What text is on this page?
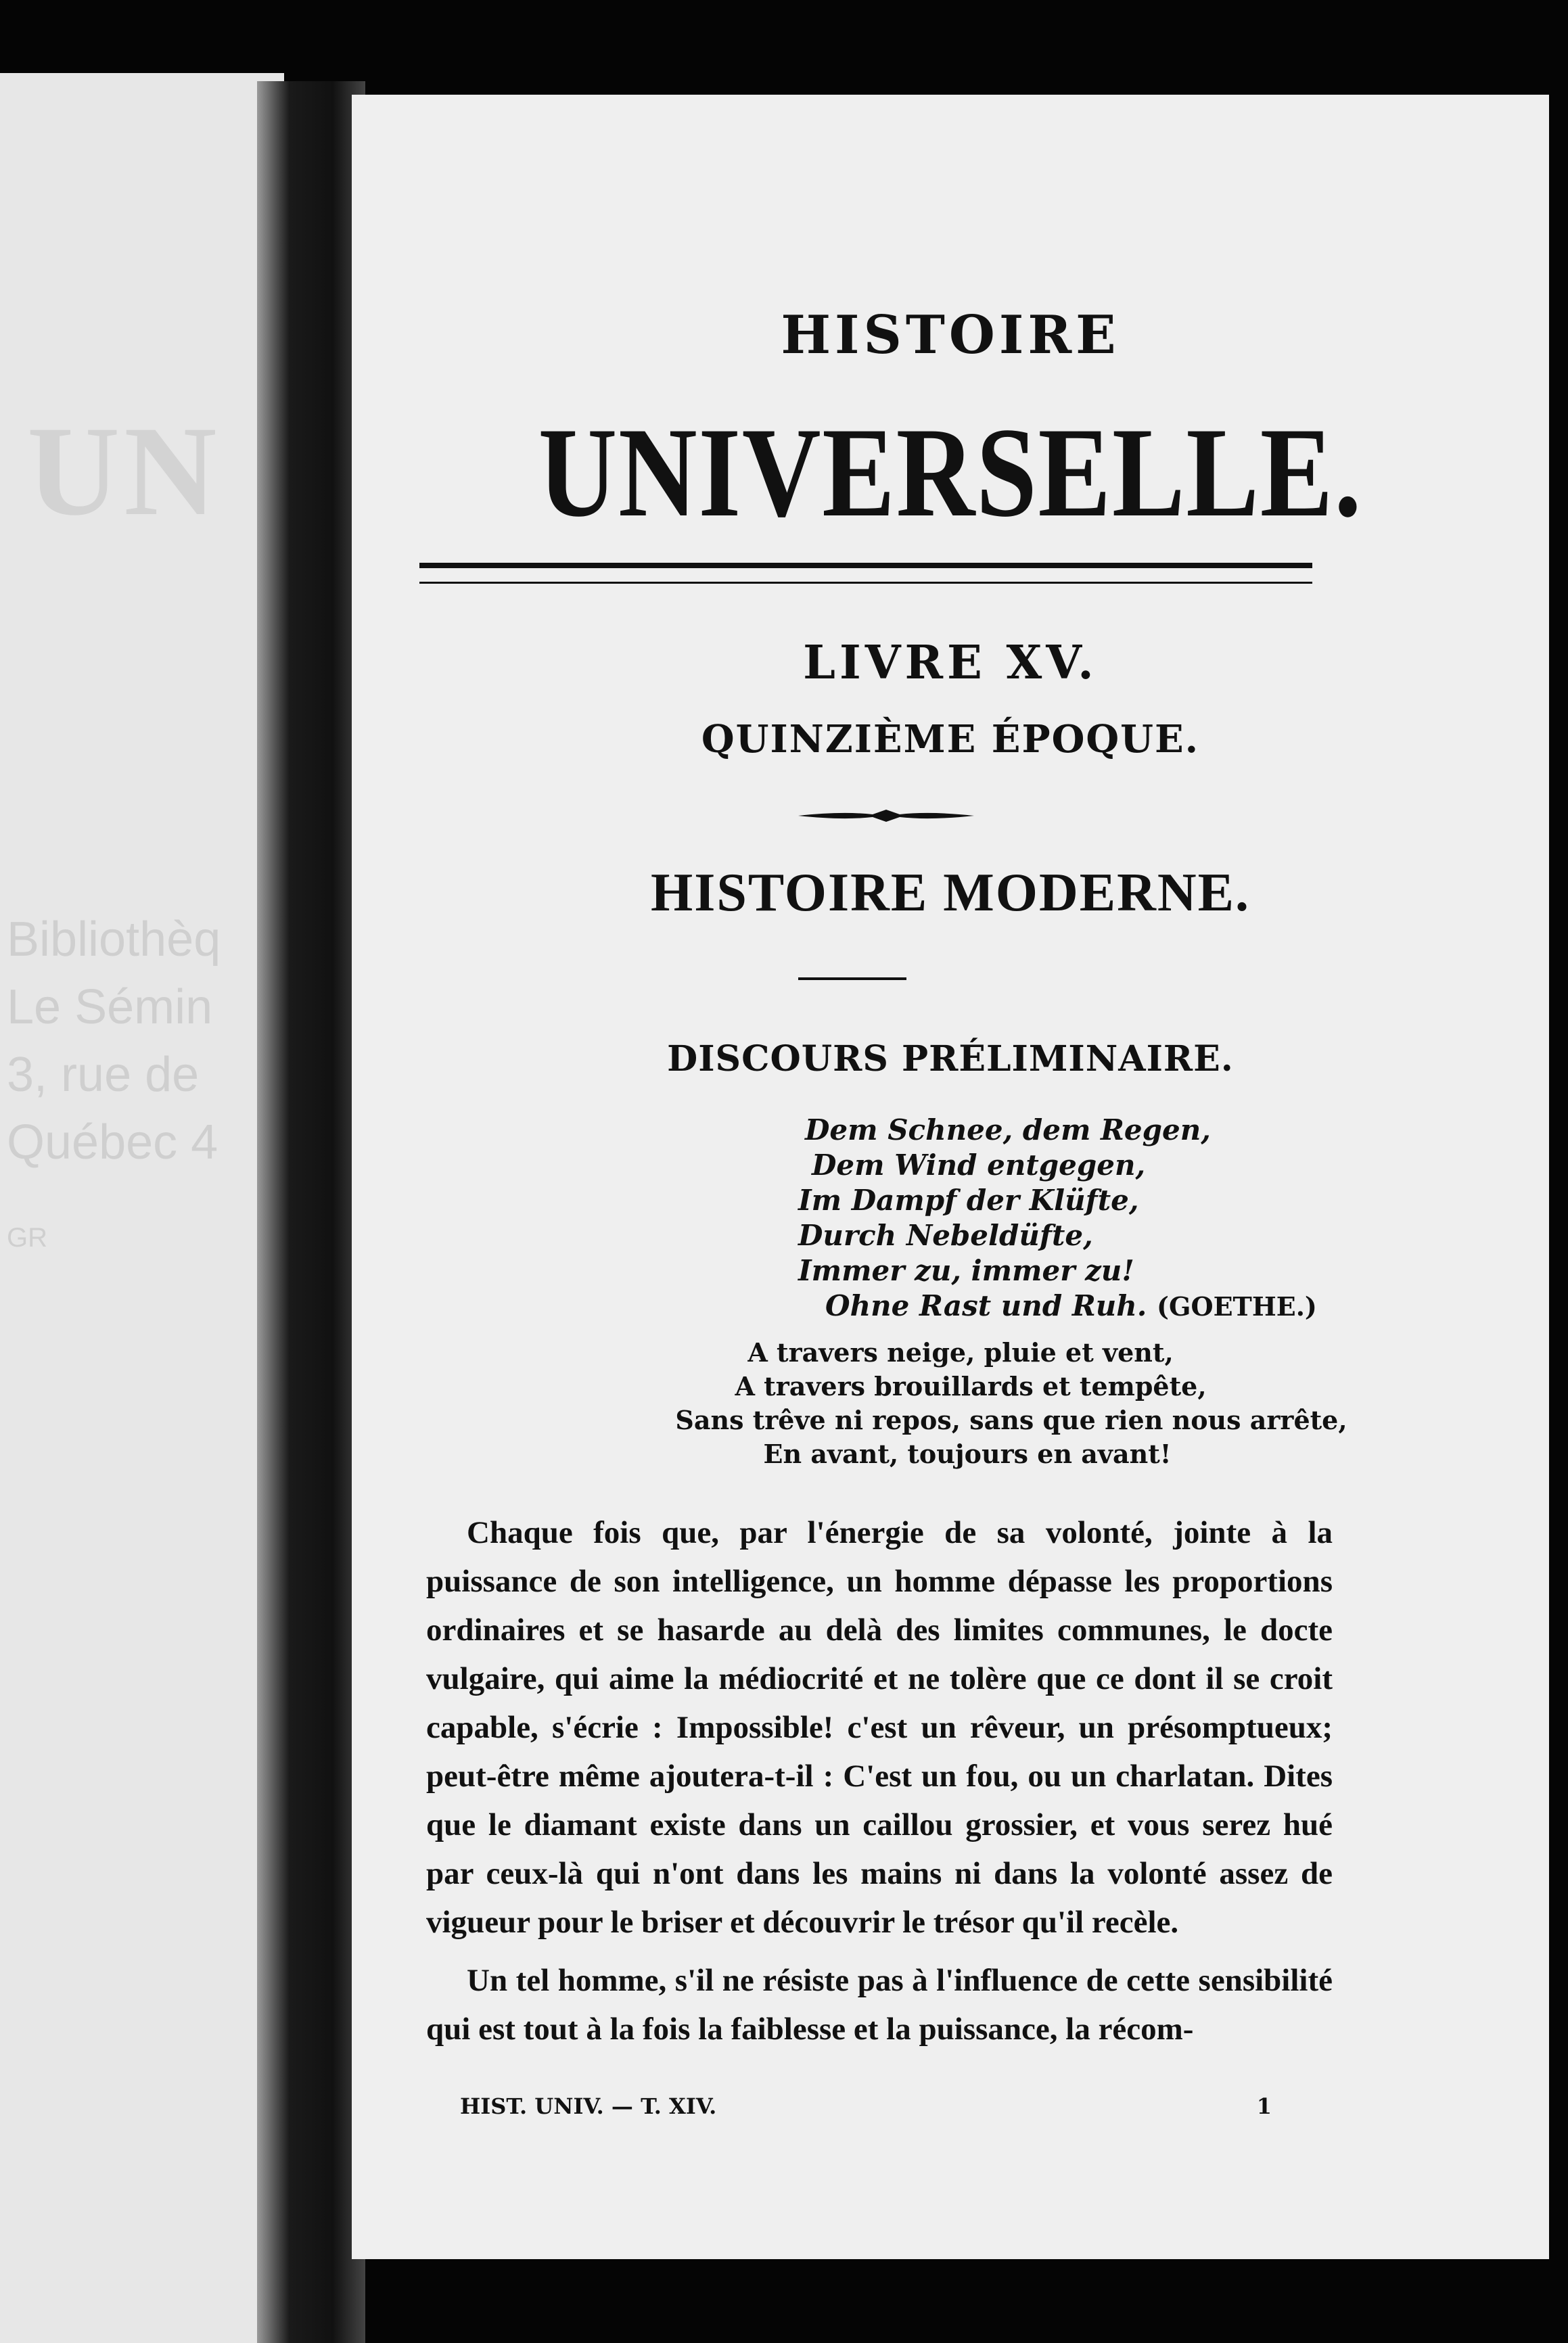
UN
Bibliothèq
Le Sémin
3, rue de
Québec 4
GR
HISTOIRE
UNIVERSELLE.
LIVRE XV.
QUINZIÈME ÉPOQUE.
HISTOIRE MODERNE.
DISCOURS PRÉLIMINAIRE.
Dem Schnee, dem Regen,
Dem Wind entgegen,
Im Dampf der Klüfte,
Durch Nebeldüfte,
Immer zu, immer zu!
Ohne Rast und Ruh. (GOETHE.)
A travers neige, pluie et vent,
A travers brouillards et tempête,
Sans trêve ni repos, sans que rien nous arrête,
En avant, toujours en avant!

Chaque fois que, par l'énergie de sa volonté, jointe à la puissance de son intelligence, un homme dépasse les proportions ordinaires et se hasarde au delà des limites communes, le docte vulgaire, qui aime la médiocrité et ne tolère que ce dont il se croit capable, s'écrie : Impossible! c'est un rêveur, un présomptueux; peut-être même ajoutera-t-il : C'est un fou, ou un charlatan. Dites que le diamant existe dans un caillou grossier, et vous serez hué par ceux-là qui n'ont dans les mains ni dans la volonté assez de vigueur pour le briser et découvrir le trésor qu'il recèle.

Un tel homme, s'il ne résiste pas à l'influence de cette sensibilité qui est tout à la fois la faiblesse et la puissance, la récom-

HIST. UNIV. — T. XIV.	1
